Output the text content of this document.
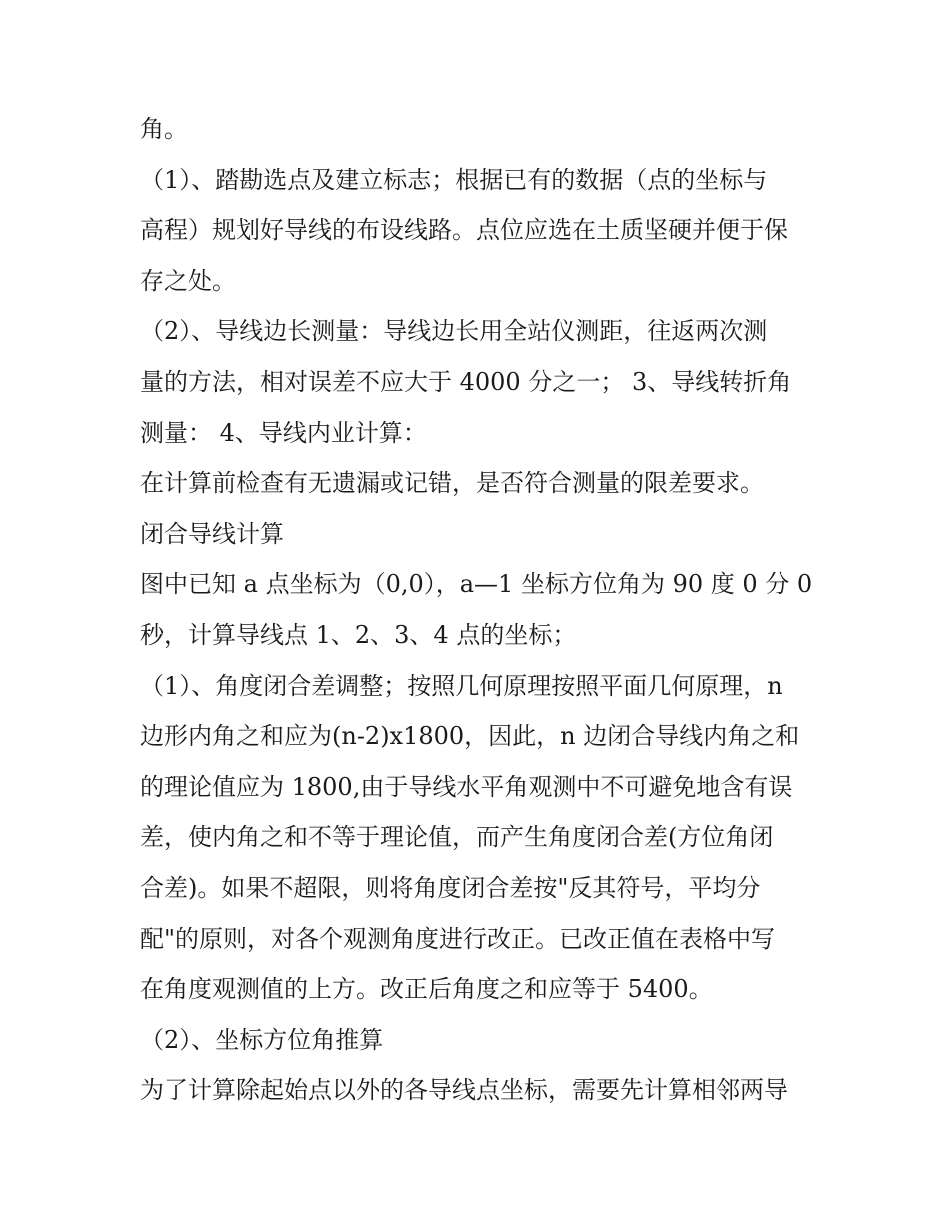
角。
（1）、踏勘选点及建立标志；根据已有的数据（点的坐标与
高程）规划好导线的布设线路。点位应选在土质坚硬并便于保
存之处。
（2）、导线边长测量：导线边长用全站仪测距，往返两次测
量的方法，相对误差不应大于 4000 分之一； 3、导线转折角
测量： 4、导线内业计算：
在计算前检查有无遗漏或记错，是否符合测量的限差要求。
闭合导线计算
图中已知 a 点坐标为（0,0），a—1 坐标方位角为 90 度 0 分 0
秒，计算导线点 1、2、3、4 点的坐标；
（1）、角度闭合差调整；按照几何原理按照平面几何原理，n
边形内角之和应为(n-2)x1800，因此，n 边闭合导线内角之和
的理论值应为 1800,由于导线水平角观测中不可避免地含有误
差，使内角之和不等于理论值，而产生角度闭合差(方位角闭
合差)。如果不超限，则将角度闭合差按"反其符号，平均分
配"的原则，对各个观测角度进行改正。已改正值在表格中写
在角度观测值的上方。改正后角度之和应等于 5400。
（2）、坐标方位角推算
为了计算除起始点以外的各导线点坐标，需要先计算相邻两导
